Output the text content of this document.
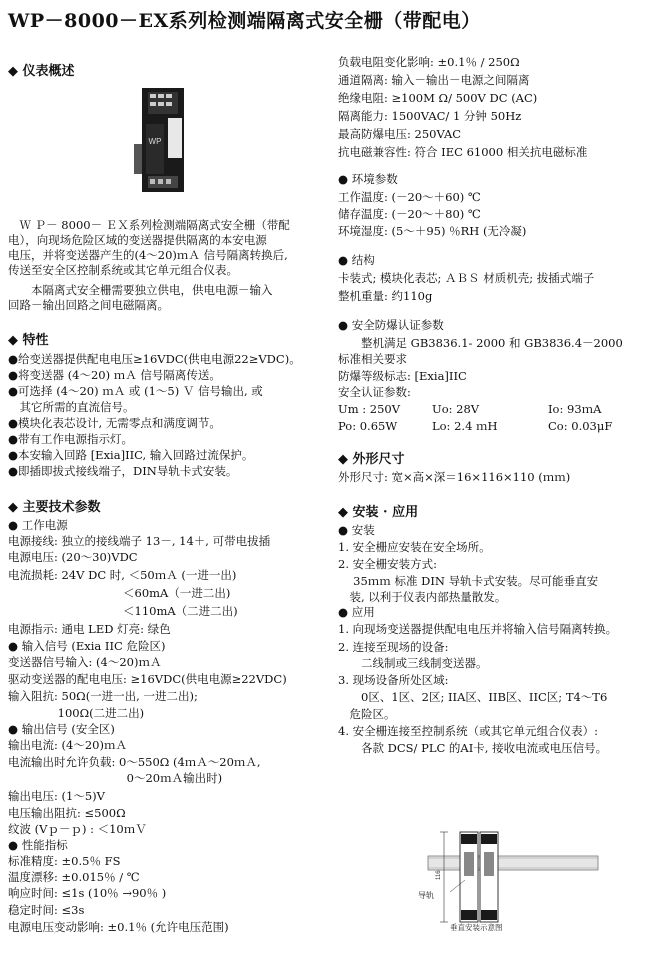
WP－8000－EX系列检测端隔离式安全栅（带配电）
◆ 仪表概述
WP
　Ｗ Ｐ－ 8000－ ＥＸ系列检测端隔离式安全栅（带配
电），向现场危险区域的变送器提供隔离的本安电源
电压，并将变送器产生的(4～20)ｍＡ 信号隔离转换后,
传送至安全区控制系统或其它单元组合仪表。
　　本隔离式安全栅需要独立供电，供电电源－输入
回路－输出回路之间电磁隔离。
◆ 特性
●给变送器提供配电电压≥16VDC(供电电源22≥VDC)。
●将变送器 (4～20) ｍＡ 信号隔离传送。
●可选择 (4～20) ｍＡ 或 (1～5) Ｖ 信号输出, 或
　其它所需的直流信号。
●模块化表芯设计, 无需零点和满度调节。
●带有工作电源指示灯。
●本安输入回路 [Exia]IIC, 输入回路过流保护。
●即插即拔式接线端子，DIN导轨卡式安装。
◆ 主要技术参数
● 工作电源
电源接线: 独立的接线端子 13－, 14＋, 可带电拔插
电源电压: (20～30)VDC
电流损耗: 24V DC 时, ＜50ｍＡ (一进一出)
　　　　　　　　　　＜60mA（一进二出)
　　　　　　　　　　＜110mA（二进二出)
电源指示: 通电 LED 灯亮: 绿色
● 输入信号 (Exia IIC 危险区)
变送器信号输入: (4～20)ｍＡ
驱动变送器的配电电压: ≥16VDC(供电电源≥22VDC)
输入阻抗: 50Ω(一进一出, 一进二出);
　　　　 100Ω(二进二出)
● 输出信号 (安全区)
输出电流: (4～20)ｍＡ
电流输出时允许负载: 0～550Ω (4ｍＡ～20ｍＡ,
　　　　　　　　　　 0～20ｍＡ输出时)
输出电压: (1～5)V
电压输出阻抗: ≤500Ω
纹波 (Vｐ－ｐ) : ＜10ｍＶ
● 性能指标
标准精度: ±0.5％ FS
温度漂移: ±0.015％ / ℃
响应时间: ≤1s (10％ →90％ )
稳定时间: ≤3s
电源电压变动影响: ±0.1％ (允许电压范围)
负载电阻变化影响: ±0.1％ / 250Ω
通道隔离: 输入－输出－电源之间隔离
绝缘电阻: ≥100M Ω/ 500V DC (AC)
隔离能力: 1500VAC/ 1 分钟 50Hz
最高防爆电压: 250VAC
抗电磁兼容性: 符合 IEC 61000 相关抗电磁标准
● 环境参数
工作温度: (－20～＋60) ℃
储存温度: (－20～＋80) ℃
环境湿度: (5～＋95) ％RH (无冷凝)
● 结构
卡装式; 模块化表芯; ＡＢＳ 材质机壳; 拔插式端子
整机重量: 约110g
● 安全防爆认证参数
　　整机满足 GB3836.1- 2000 和 GB3836.4－2000
标准相关要求
防爆等级标志: [Exia]IIC
安全认证参数:
Um : 250V	Uo: 28V	Io: 93ｍA
Po: 0.65W	Lo: 2.4 ｍH	Co: 0.03μF
◆ 外形尺寸
外形尺寸: 宽×高×深＝16×116×110 (ｍｍ)
◆ 安装 · 应用
● 安装
1. 安全栅应安装在安全场所。
2. 安全栅安装方式:
　 35ｍｍ 标准 DIN 导轨卡式安装。尽可能垂直安
　装, 以利于仪表内部热量散发。
● 应用
1. 向现场变送器提供配电电压并将输入信号隔离转换。
2. 连接至现场的设备:
　　二线制或三线制变送器。
3. 现场设备所处区域:
　　0区、1区、2区; IIA区、IIB区、IIC区; T4～T6
　危险区。
4. 安全栅连接至控制系统（或其它单元组合仪表）:
　　各款 DCS/ PLC 的AI卡, 接收电流或电压信号。
116
导轨
垂直安装示意图
